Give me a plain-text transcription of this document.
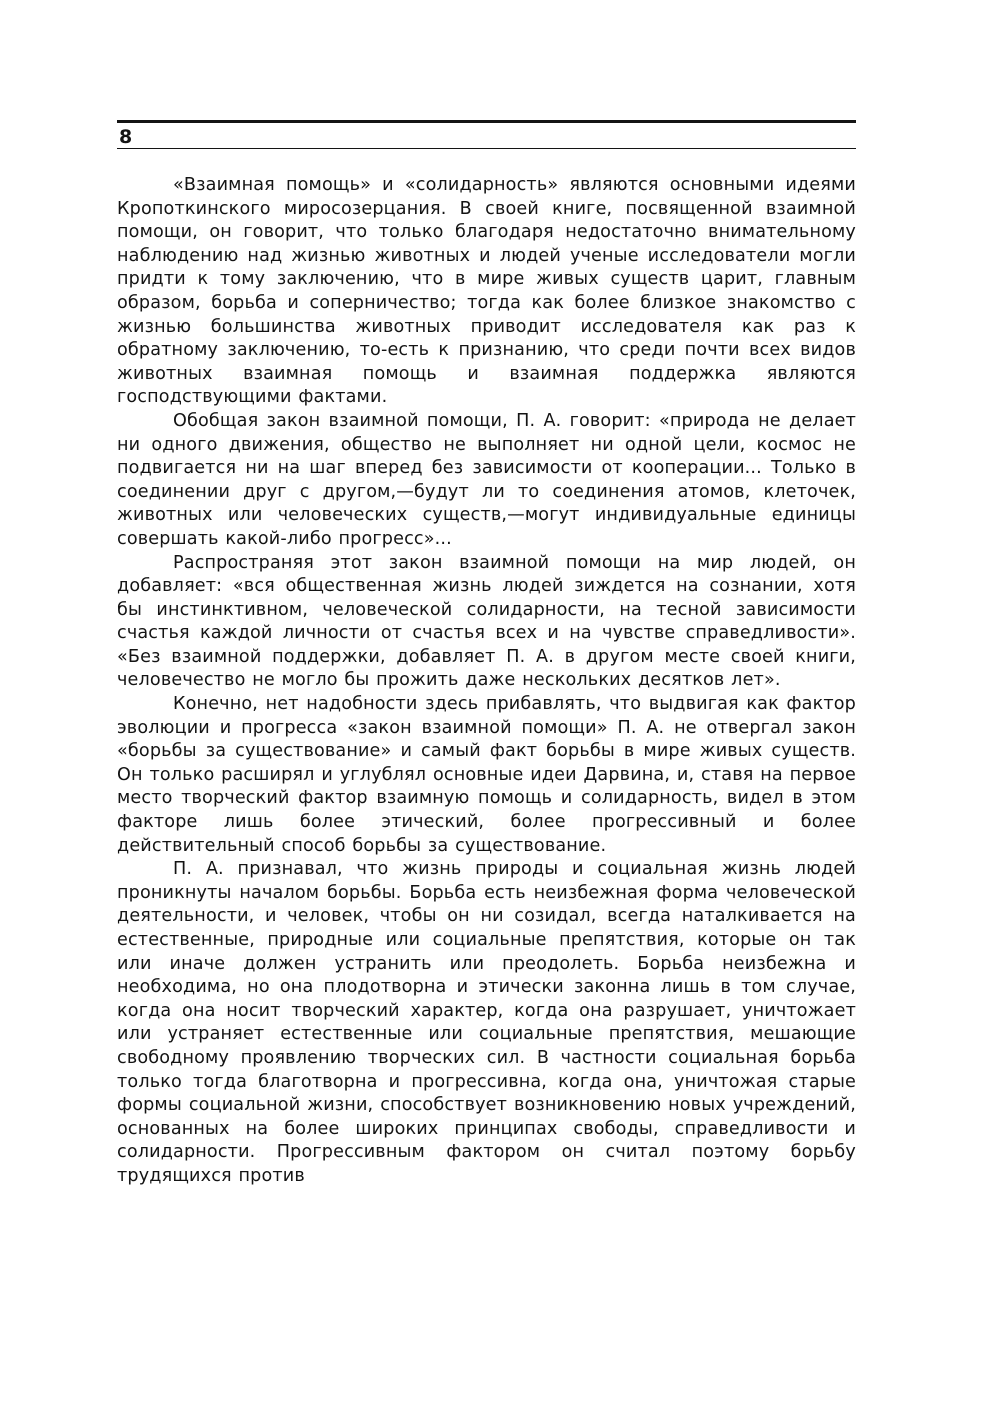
8

«Взаимная помощь» и «солидарность» являются основными идеями Кропоткинского миросозерцания. В своей книге, посвященной взаимной помощи, он говорит, что только благодаря недостаточно внимательному наблюдению над жизнью животных и людей ученые исследователи могли придти к тому заключению, что в мире живых существ царит, главным образом, борьба и соперничество; тогда как более близкое знакомство с жизнью большинства животных приводит исследователя как раз к обратному заключению, то-есть к признанию, что среди почти всех видов животных взаимная помощь и взаимная поддержка являются господствующими фактами.

Обобщая закон взаимной помощи, П. А. говорит: «природа не делает ни одного движения, общество не выполняет ни одной цели, космос не подвигается ни на шаг вперед без зависимости от кооперации... Только в соединении друг с другом,—будут ли то соединения атомов, клеточек, животных или человеческих существ,—могут индивидуальные единицы совершать какой-либо прогресс»...

Распространяя этот закон взаимной помощи на мир людей, он добавляет: «вся общественная жизнь людей зиждется на сознании, хотя бы инстинктивном, человеческой солидарности, на тесной зависимости счастья каждой личности от счастья всех и на чувстве справедливости». «Без взаимной поддержки, добавляет П. А. в другом месте своей книги, человечество не могло бы прожить даже нескольких десятков лет».

Конечно, нет надобности здесь прибавлять, что выдвигая как фактор эволюции и прогресса «закон взаимной помощи» П. А. не отвергал закон «борьбы за существование» и самый факт борьбы в мире живых существ. Он только расширял и углублял основные идеи Дарвина, и, ставя на первое место творческий фактор взаимную помощь и солидарность, видел в этом факторе лишь более этический, более прогрессивный и более действительный способ борьбы за существование.

П. А. признавал, что жизнь природы и социальная жизнь людей проникнуты началом борьбы. Борьба есть неизбежная форма человеческой деятельности, и человек, чтобы он ни созидал, всегда наталкивается на естественные, природные или социальные препятствия, которые он так или иначе должен устранить или преодолеть. Борьба неизбежна и необходима, но она плодотворна и этически законна лишь в том случае, когда она носит творческий характер, когда она разрушает, уничтожает или устраняет естественные или социальные препятствия, мешающие свободному проявлению творческих сил. В частности социальная борьба только тогда благотворна и прогрессивна, когда она, уничтожая старые формы социальной жизни, способствует возникновению новых учреждений, основанных на более широких принципах свободы, справедливости и солидарности. Прогрессивным фактором он считал поэтому борьбу трудящихся против
